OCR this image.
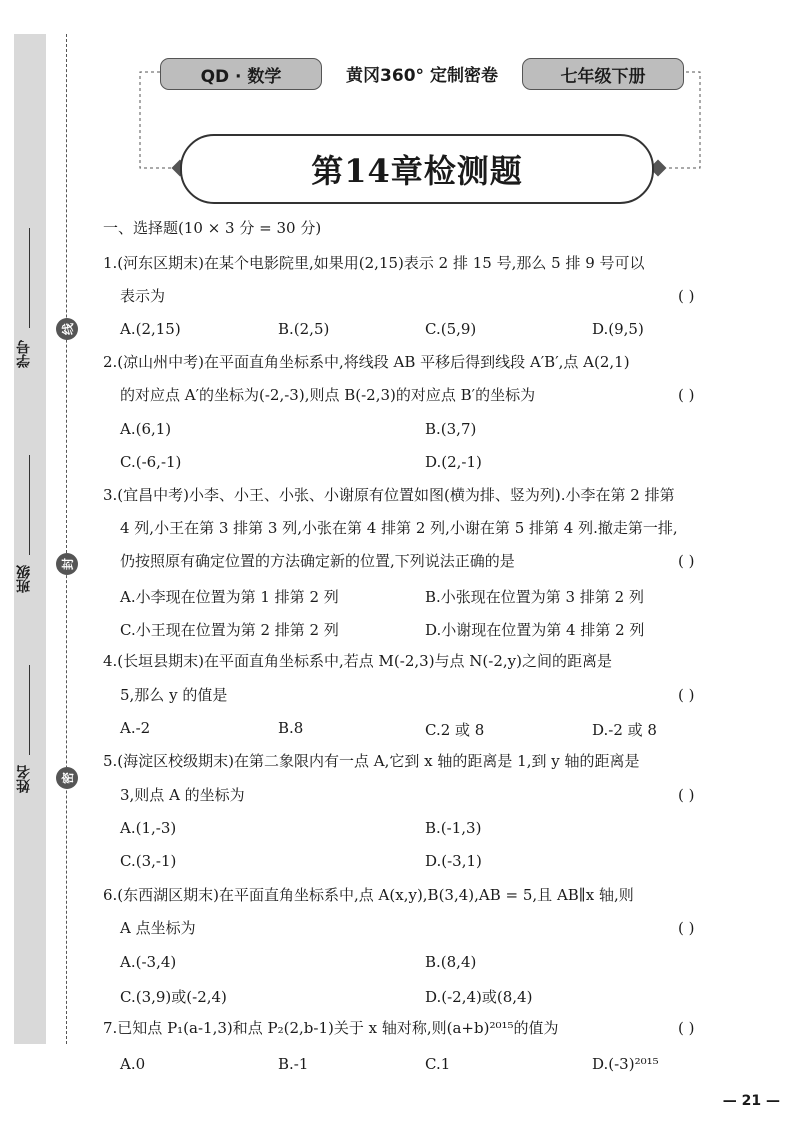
学号
班级
姓名
线
封
密
QD · 数学	黄冈360° 定制密卷	七年级下册
第14章检测题
一、选择题(10 × 3 分 = 30 分)
1.(河东区期末)在某个电影院里,如果用(2,15)表示 2 排 15 号,那么 5 排 9 号可以
表示为	( )
A.(2,15)	B.(2,5)	C.(5,9)	D.(9,5)
2.(凉山州中考)在平面直角坐标系中,将线段 AB 平移后得到线段 A′B′,点 A(2,1)
的对应点 A′的坐标为(-2,-3),则点 B(-2,3)的对应点 B′的坐标为	( )
A.(6,1)	B.(3,7)
C.(-6,-1)	D.(2,-1)
3.(宜昌中考)小李、小王、小张、小谢原有位置如图(横为排、竖为列).小李在第 2 排第
4 列,小王在第 3 排第 3 列,小张在第 4 排第 2 列,小谢在第 5 排第 4 列.撤走第一排,
仍按照原有确定位置的方法确定新的位置,下列说法正确的是	( )
A.小李现在位置为第 1 排第 2 列	B.小张现在位置为第 3 排第 2 列
C.小王现在位置为第 2 排第 2 列	D.小谢现在位置为第 4 排第 2 列
4.(长垣县期末)在平面直角坐标系中,若点 M(-2,3)与点 N(-2,y)之间的距离是
5,那么 y 的值是	( )
A.-2	B.8	C.2 或 8	D.-2 或 8
5.(海淀区校级期末)在第二象限内有一点 A,它到 x 轴的距离是 1,到 y 轴的距离是
3,则点 A 的坐标为	( )
A.(1,-3)	B.(-1,3)
C.(3,-1)	D.(-3,1)
6.(东西湖区期末)在平面直角坐标系中,点 A(x,y),B(3,4),AB = 5,且 AB∥x 轴,则
A 点坐标为	( )
A.(-3,4)	B.(8,4)
C.(3,9)或(-2,4)	D.(-2,4)或(8,4)
7.已知点 P₁(a-1,3)和点 P₂(2,b-1)关于 x 轴对称,则(a+b)²⁰¹⁵的值为	( )
A.0	B.-1	C.1	D.(-3)²⁰¹⁵
— 21 —
